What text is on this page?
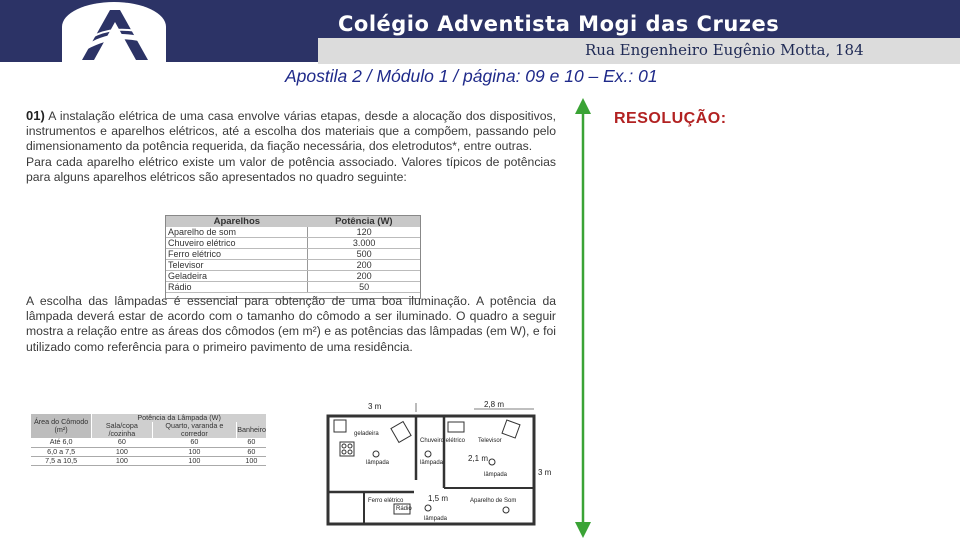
Colégio Adventista Mogi das Cruzes
Rua Engenheiro Eugênio Motta, 184
Apostila 2 / Módulo 1 / página: 09 e 10 – Ex.: 01
01) A instalação elétrica de uma casa envolve várias etapas, desde a alocação dos dispositivos, instrumentos e aparelhos elétricos, até a escolha dos materiais que a compõem, passando pelo dimensionamento da potência requerida, da fiação necessária, dos eletrodutos*, entre outras.
Para cada aparelho elétrico existe um valor de potência associado. Valores típicos de potências para alguns aparelhos elétricos são apresentados no quadro seguinte:
Aparelhos	Potência (W)
Aparelho de som	120
Chuveiro elétrico	3.000
Ferro elétrico	500
Televisor	200
Geladeira	200
Rádio	50
A escolha das lâmpadas é essencial para obtenção de uma boa iluminação. A potência da lâmpada deverá estar de acordo com o tamanho do cômodo a ser iluminado. O quadro a seguir mostra a relação entre as áreas dos cômodos (em m²) e as potências das lâmpadas (em W), e foi utilizado como referência para o primeiro pavimento de uma residência.
Área do Cômodo (m²)	Potência da Lâmpada (W)		
	Sala/copa /cozinha	Quarto, varanda e corredor	Banheiro
Até 6,0	60	60	60
6,0 a 7,5	100	100	60
7,5 a 10,5	100	100	100
3 m	2,8 m
2,1 m
3 m
1,5 m
geladeira
Chuveiro elétrico Televisor
lâmpada	lâmpada
lâmpada
Ferro elétrico	Aparelho de Som
Rádio
lâmpada
RESOLUÇÃO:
